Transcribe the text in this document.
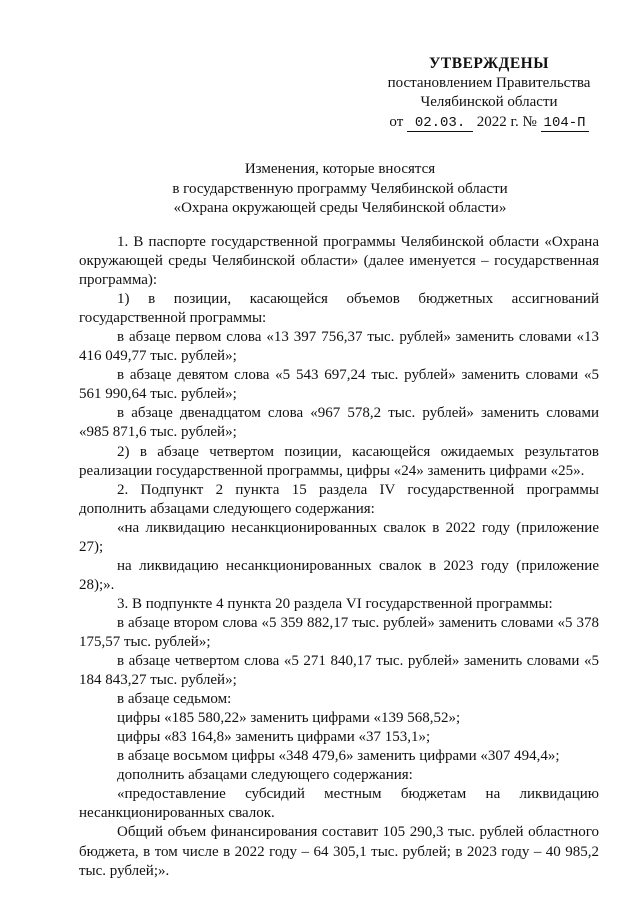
УТВЕРЖДЕНЫ
постановлением Правительства
Челябинской области
от 02.03. 2022 г. № 104-П
Изменения, которые вносятся
в государственную программу Челябинской области
«Охрана окружающей среды Челябинской области»

1. В паспорте государственной программы Челябинской области «Охрана окружающей среды Челябинской области» (далее именуется – государственная программа):

1) в позиции, касающейся объемов бюджетных ассигнований государственной программы:

в абзаце первом слова «13 397 756,37 тыс. рублей» заменить словами «13 416 049,77 тыс. рублей»;

в абзаце девятом слова «5 543 697,24 тыс. рублей» заменить словами «5 561 990,64 тыс. рублей»;

в абзаце двенадцатом слова «967 578,2 тыс. рублей» заменить словами «985 871,6 тыс. рублей»;

2) в абзаце четвертом позиции, касающейся ожидаемых результатов реализации государственной программы, цифры «24» заменить цифрами «25».

2. Подпункт 2 пункта 15 раздела IV государственной программы дополнить абзацами следующего содержания:

«на ликвидацию несанкционированных свалок в 2022 году (приложение 27);

на ликвидацию несанкционированных свалок в 2023 году (приложение 28);».

3. В подпункте 4 пункта 20 раздела VI государственной программы:

в абзаце втором слова «5 359 882,17 тыс. рублей» заменить словами «5 378 175,57 тыс. рублей»;

в абзаце четвертом слова «5 271 840,17 тыс. рублей» заменить словами «5 184 843,27 тыс. рублей»;

в абзаце седьмом:

цифры «185 580,22» заменить цифрами «139 568,52»;

цифры «83 164,8» заменить цифрами «37 153,1»;

в абзаце восьмом цифры «348 479,6» заменить цифрами «307 494,4»;

дополнить абзацами следующего содержания:

«предоставление субсидий местным бюджетам на ликвидацию несанкционированных свалок.

Общий объем финансирования составит 105 290,3 тыс. рублей областного бюджета, в том числе в 2022 году – 64 305,1 тыс. рублей; в 2023 году – 40 985,2 тыс. рублей;».
